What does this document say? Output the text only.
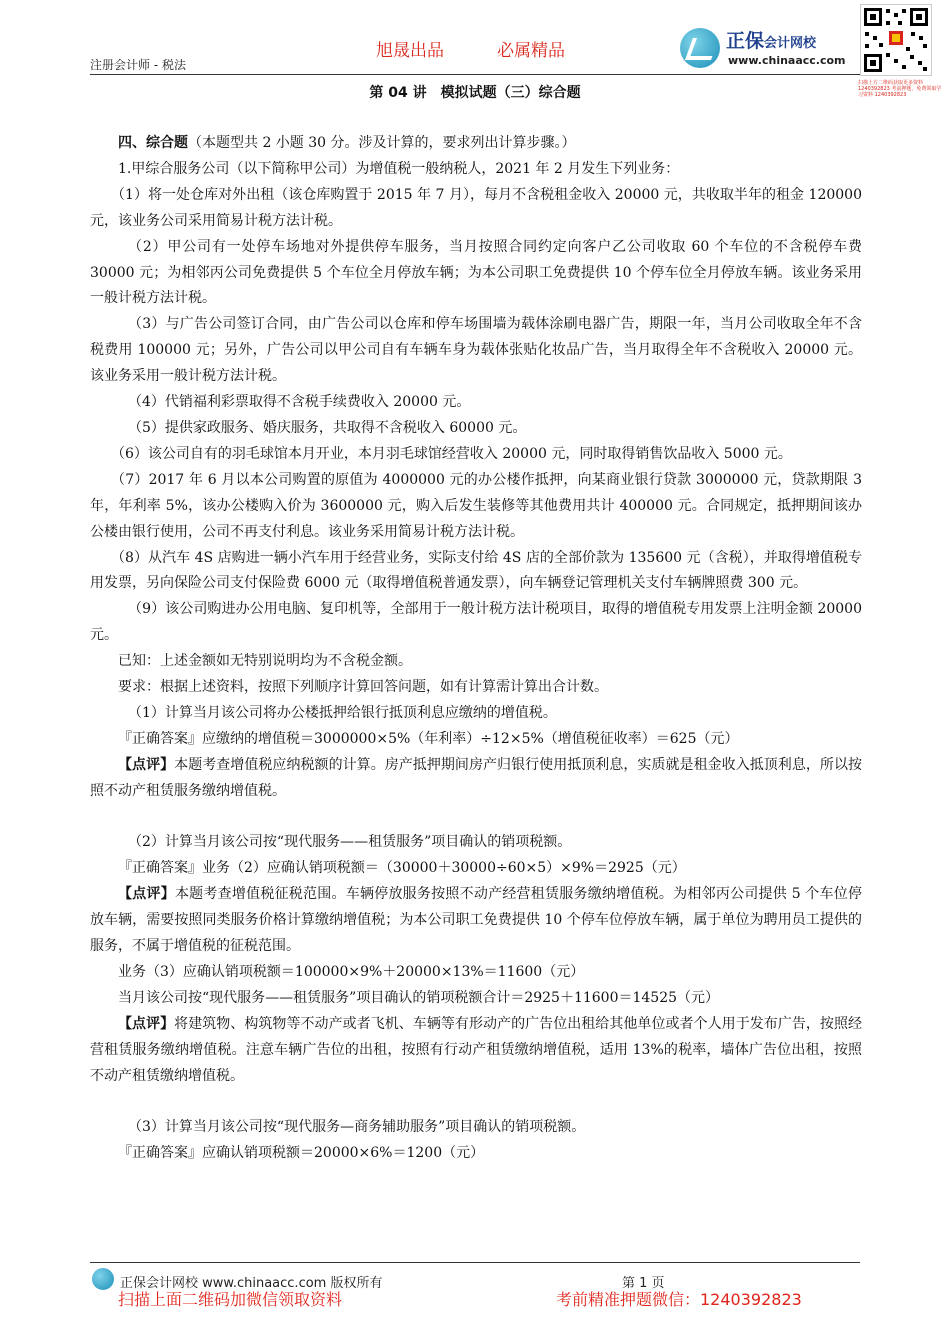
旭晟出品	必属精品
注册会计师 - 税法
正保会计网校
www.chinaacc.com
扫描上方二维码获取更多资料 1240392823 考前押题，免费领取学习资料 1240392823
第 04 讲　模拟试题（三）综合题

四、综合题（本题型共 2 小题 30 分。涉及计算的，要求列出计算步骤。）

1.甲综合服务公司（以下简称甲公司）为增值税一般纳税人，2021 年 2 月发生下列业务：

（1）将一处仓库对外出租（该仓库购置于 2015 年 7 月），每月不含税租金收入 20000 元，共收取半年的租金 120000 元，该业务公司采用简易计税方法计税。

（2）甲公司有一处停车场地对外提供停车服务，当月按照合同约定向客户乙公司收取 60 个车位的不含税停车费 30000 元；为相邻丙公司免费提供 5 个车位全月停放车辆；为本公司职工免费提供 10 个停车位全月停放车辆。该业务采用一般计税方法计税。

（3）与广告公司签订合同，由广告公司以仓库和停车场围墙为载体涂刷电器广告，期限一年，当月公司收取全年不含税费用 100000 元；另外，广告公司以甲公司自有车辆车身为载体张贴化妆品广告，当月取得全年不含税收入 20000 元。该业务采用一般计税方法计税。

（4）代销福利彩票取得不含税手续费收入 20000 元。

（5）提供家政服务、婚庆服务，共取得不含税收入 60000 元。

（6）该公司自有的羽毛球馆本月开业，本月羽毛球馆经营收入 20000 元，同时取得销售饮品收入 5000 元。

（7）2017 年 6 月以本公司购置的原值为 4000000 元的办公楼作抵押，向某商业银行贷款 3000000 元，贷款期限 3 年，年利率 5%，该办公楼购入价为 3600000 元，购入后发生装修等其他费用共计 400000 元。合同规定，抵押期间该办公楼由银行使用，公司不再支付利息。该业务采用简易计税方法计税。

（8）从汽车 4S 店购进一辆小汽车用于经营业务，实际支付给 4S 店的全部价款为 135600 元（含税），并取得增值税专用发票，另向保险公司支付保险费 6000 元（取得增值税普通发票），向车辆登记管理机关支付车辆牌照费 300 元。

（9）该公司购进办公用电脑、复印机等，全部用于一般计税方法计税项目，取得的增值税专用发票上注明金额 20000 元。

已知：上述金额如无特别说明均为不含税金额。

要求：根据上述资料，按照下列顺序计算回答问题，如有计算需计算出合计数。

（1）计算当月该公司将办公楼抵押给银行抵顶利息应缴纳的增值税。

『正确答案』应缴纳的增值税＝3000000×5%（年利率）÷12×5%（增值税征收率）＝625（元）

【点评】本题考查增值税应纳税额的计算。房产抵押期间房产归银行使用抵顶利息，实质就是租金收入抵顶利息，所以按照不动产租赁服务缴纳增值税。

（2）计算当月该公司按“现代服务——租赁服务”项目确认的销项税额。

『正确答案』业务（2）应确认销项税额＝（30000＋30000÷60×5）×9%＝2925（元）

【点评】本题考查增值税征税范围。车辆停放服务按照不动产经营租赁服务缴纳增值税。为相邻丙公司提供 5 个车位停放车辆，需要按照同类服务价格计算缴纳增值税；为本公司职工免费提供 10 个停车位停放车辆，属于单位为聘用员工提供的服务，不属于增值税的征税范围。

业务（3）应确认销项税额＝100000×9%＋20000×13%＝11600（元）

当月该公司按“现代服务——租赁服务”项目确认的销项税额合计＝2925＋11600＝14525（元）

【点评】将建筑物、构筑物等不动产或者飞机、车辆等有形动产的广告位出租给其他单位或者个人用于发布广告，按照经营租赁服务缴纳增值税。注意车辆广告位的出租，按照有行动产租赁缴纳增值税，适用 13%的税率，墙体广告位出租，按照不动产租赁缴纳增值税。

（3）计算当月该公司按“现代服务—商务辅助服务”项目确认的销项税额。

『正确答案』应确认销项税额＝20000×6%＝1200（元）

正保会计网校 www.chinaacc.com 版权所有	第 1 页
扫描上面二维码加微信领取资料	考前精准押题微信：1240392823
